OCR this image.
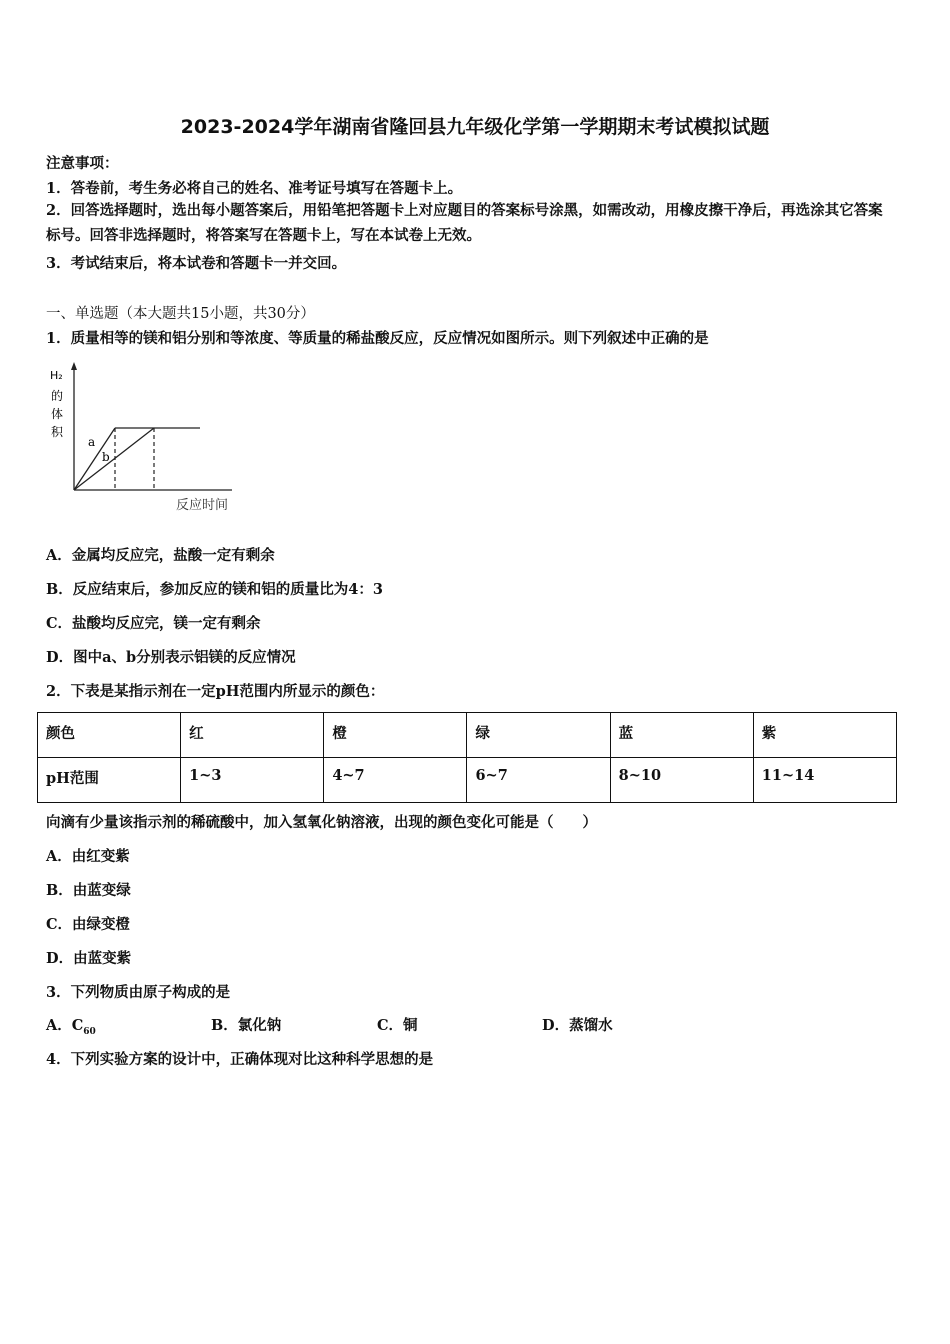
2023-2024学年湖南省隆回县九年级化学第一学期期末考试模拟试题
注意事项：
1．答卷前，考生务必将自己的姓名、准考证号填写在答题卡上。
2．回答选择题时，选出每小题答案后，用铅笔把答题卡上对应题目的答案标号涂黑，如需改动，用橡皮擦干净后，再选涂其它答案标号。回答非选择题时，将答案写在答题卡上，写在本试卷上无效。
3．考试结束后，将本试卷和答题卡一并交回。
一、单选题（本大题共15小题，共30分）
1．质量相等的镁和铝分别和等浓度、等质量的稀盐酸反应，反应情况如图所示。则下列叙述中正确的是
H₂
的
体
积
a
b
反应时间
A．金属均反应完，盐酸一定有剩余
B．反应结束后，参加反应的镁和铝的质量比为4：3
C．盐酸均反应完，镁一定有剩余
D．图中a、b分别表示铝镁的反应情况
2．下表是某指示剂在一定pH范围内所显示的颜色：
颜色	红	橙	绿	蓝	紫
pH范围	1~3	4~7	6~7	8~10	11~14
向滴有少量该指示剂的稀硫酸中，加入氢氧化钠溶液，出现的颜色变化可能是（　　）
A．由红变紫
B．由蓝变绿
C．由绿变橙
D．由蓝变紫
3．下列物质由原子构成的是
A．$C_{60}$	B．氯化钠	C．铜	D．蒸馏水
4．下列实验方案的设计中，正确体现对比这种科学思想的是
